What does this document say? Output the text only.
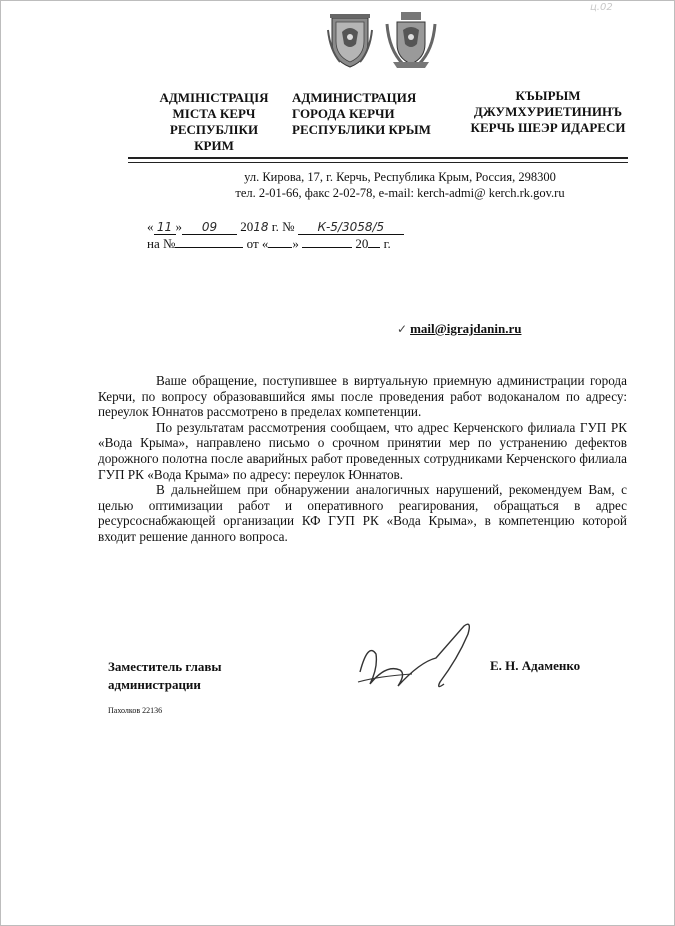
ц.02
АДМІНІСТРАЦІЯ
МІСТА КЕРЧ
РЕСПУБЛІКИ
КРИМ
АДМИНИСТРАЦИЯ
ГОРОДА КЕРЧИ
РЕСПУБЛИКИ КРЫМ
КЪЫРЫМ
ДЖУМХУРИЕТИНИНЪ
КЕРЧЬ ШЕЭР ИДАРЕСИ
ул. Кирова, 17, г. Керчь, Республика Крым, Россия, 298300
тел. 2-01-66, факс 2-02-78, e-mail: kerch-admi@ kerch.rk.gov.ru
« 11 » 09 2018 г. № К-5/3058/5
на №	от « »	20 г.
✓ mail@igrajdanin.ru

Ваше обращение, поступившее в виртуальную приемную администрации города Керчи, по вопросу образовавшийся ямы после проведения работ водоканалом по адресу: переулок Юннатов рассмотрено в пределах компетенции.

По результатам рассмотрения сообщаем, что адрес Керченского филиала ГУП РК «Вода Крыма», направлено письмо о срочном принятии мер по устранению дефектов дорожного полотна после аварийных работ проведенных сотрудниками Керченского филиала ГУП РК «Вода Крыма» по адресу: переулок Юннатов.

В дальнейшем при обнаружении аналогичных нарушений, рекомендуем Вам, с целью оптимизации работ и оперативного реагирования, обращаться в адрес ресурсоснабжающей организации КФ ГУП РК «Вода Крыма», в компетенцию которой входит решение данного вопроса.

Заместитель главы
администрации
Е. Н. Адаменко
Пахолков 22136
